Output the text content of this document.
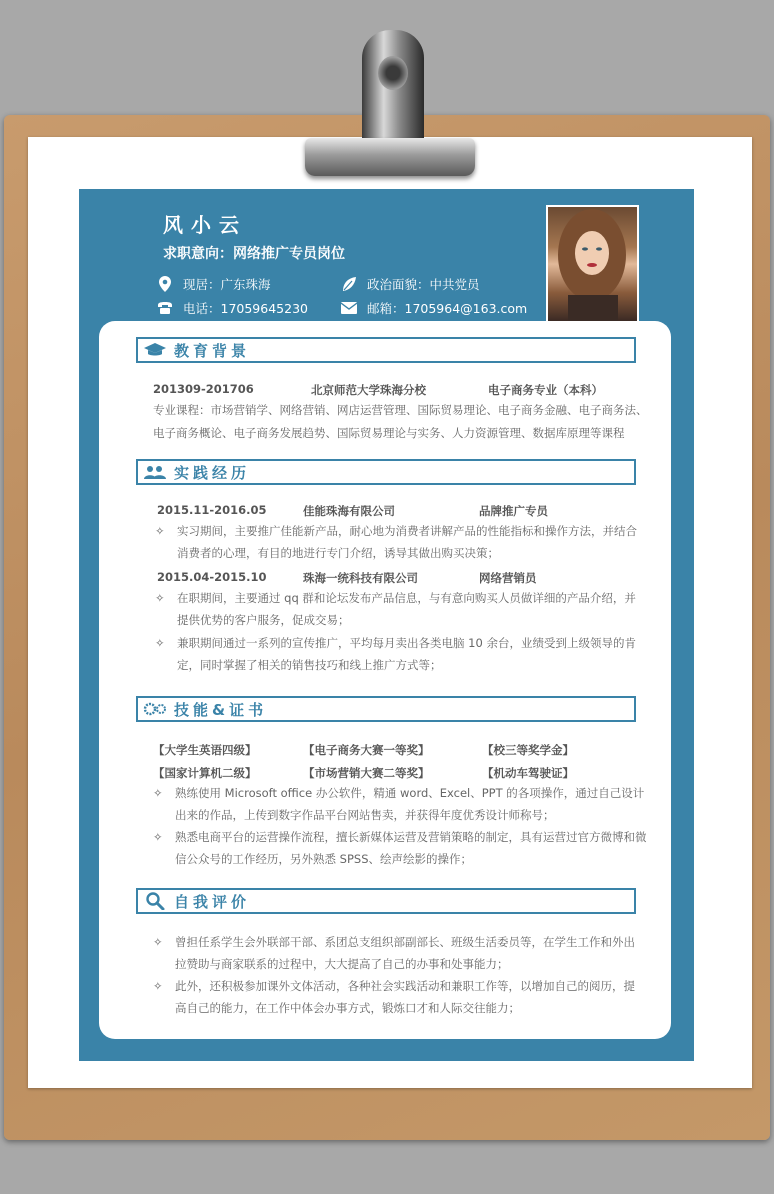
风小云
求职意向：网络推广专员岗位
现居：广东珠海	政治面貌：中共党员
电话：17059645230	邮箱：1705964@163.com
教育背景
201309-201706	北京师范大学珠海分校	电子商务专业（本科）
专业课程：市场营销学、网络营销、网店运营管理、国际贸易理论、电子商务金融、电子商务法、
电子商务概论、电子商务发展趋势、国际贸易理论与实务、人力资源管理、数据库原理等课程
实践经历
2015.11-2016.05	佳能珠海有限公司	品牌推广专员
✧ 实习期间，主要推广佳能新产品，耐心地为消费者讲解产品的性能指标和操作方法，并结合
消费者的心理，有目的地进行专门介绍，诱导其做出购买决策；
2015.04-2015.10	珠海一统科技有限公司	网络营销员
✧ 在职期间，主要通过 qq 群和论坛发布产品信息，与有意向购买人员做详细的产品介绍，并
提供优势的客户服务，促成交易；
✧ 兼职期间通过一系列的宣传推广，平均每月卖出各类电脑 10 余台，业绩受到上级领导的肯
定，同时掌握了相关的销售技巧和线上推广方式等；
技能&证书
【大学生英语四级】	【电子商务大赛一等奖】	【校三等奖学金】
【国家计算机二级】	【市场营销大赛二等奖】	【机动车驾驶证】
✧ 熟练使用 Microsoft office 办公软件，精通 word、Excel、PPT 的各项操作，通过自己设计
出来的作品，上传到数字作品平台网站售卖，并获得年度优秀设计师称号；
✧ 熟悉电商平台的运营操作流程，擅长新媒体运营及营销策略的制定，具有运营过官方微博和微
信公众号的工作经历，另外熟悉 SPSS、绘声绘影的操作；
自我评价
✧ 曾担任系学生会外联部干部、系团总支组织部副部长、班级生活委员等，在学生工作和外出
拉赞助与商家联系的过程中，大大提高了自己的办事和处事能力；
✧ 此外，还积极参加课外文体活动，各种社会实践活动和兼职工作等，以增加自己的阅历，提
高自己的能力，在工作中体会办事方式，锻炼口才和人际交往能力；
